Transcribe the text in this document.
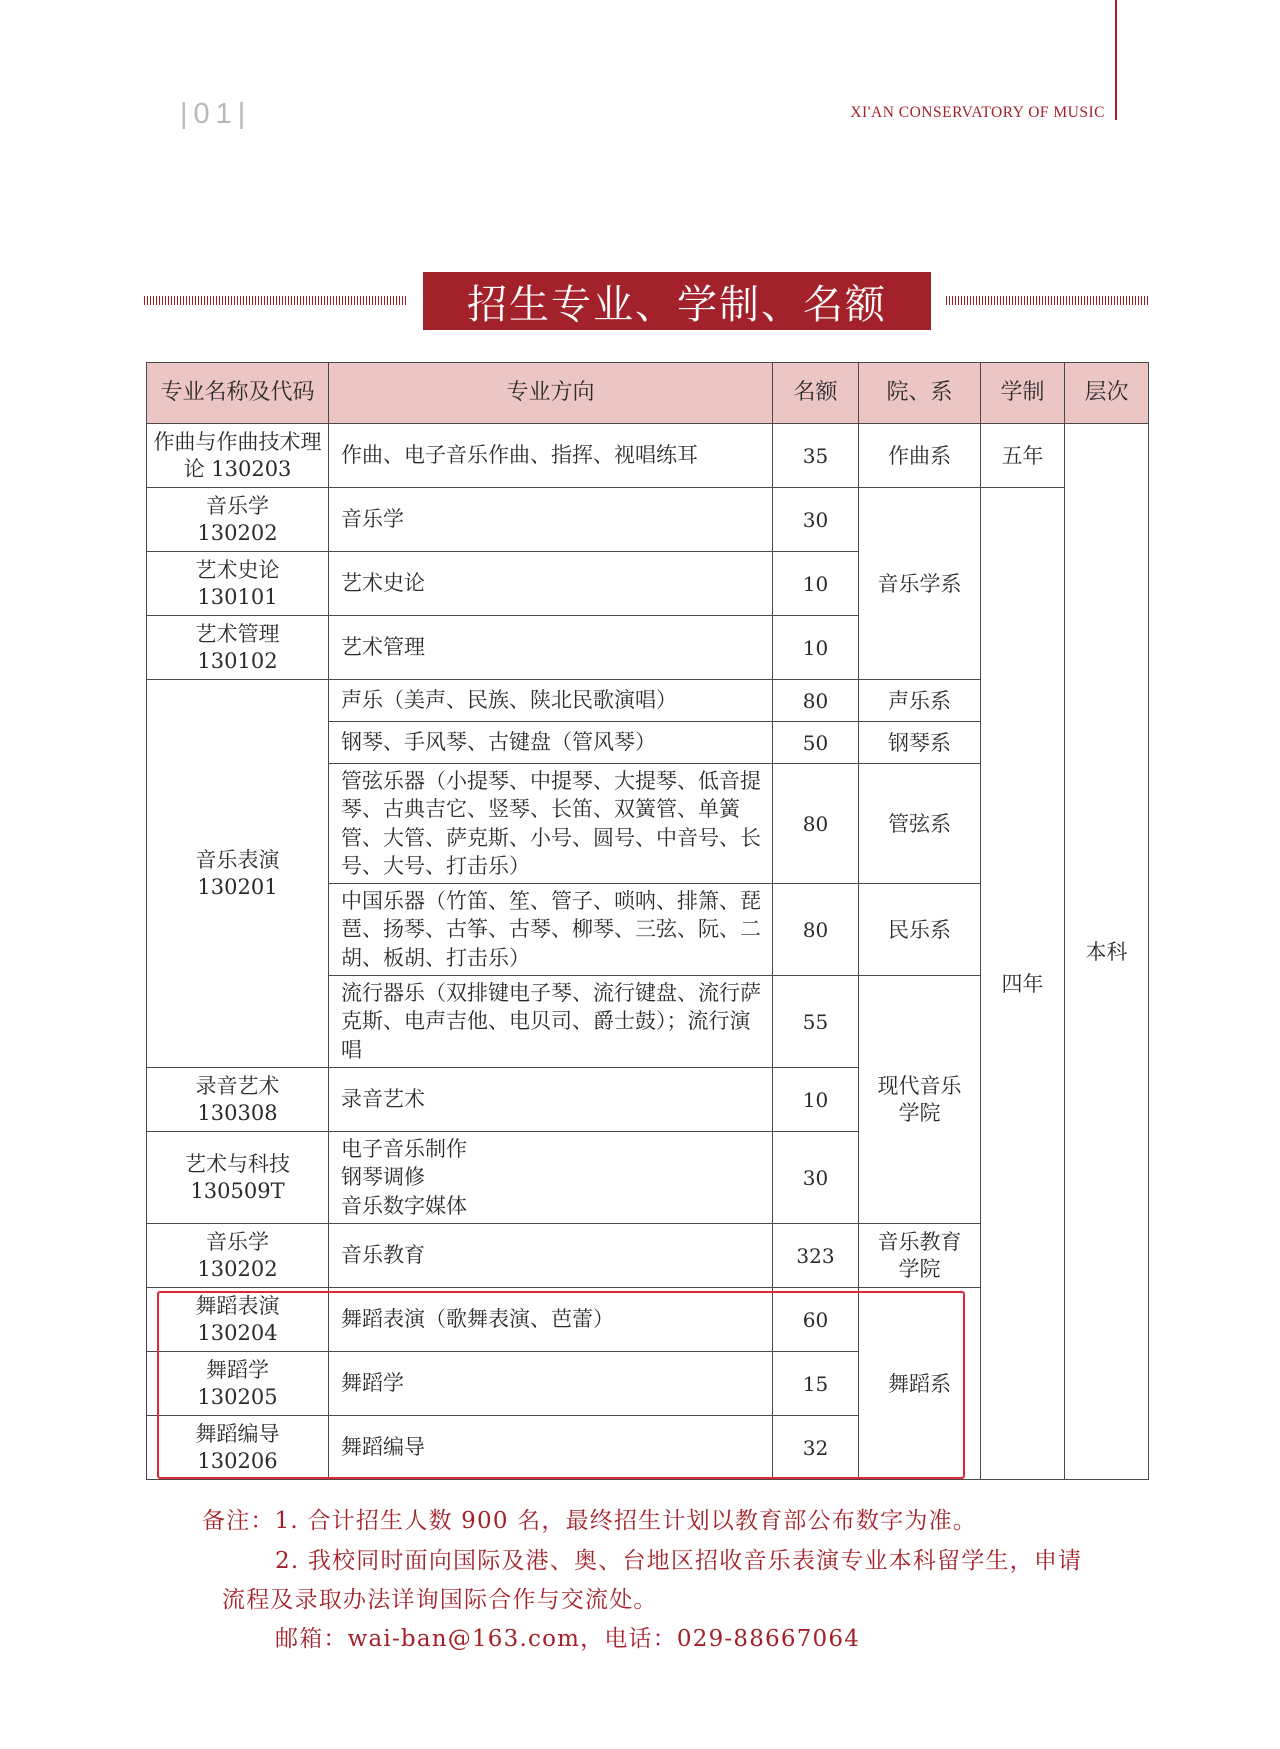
|01|	XI'AN CONSERVATORY OF MUSIC
招生专业、学制、名额
专业名称及代码	专业方向	名额	院、系	学制	层次
作曲与作曲技术理论 130203	作曲、电子音乐作曲、指挥、视唱练耳	35	作曲系	五年	本科
音乐学
130202	音乐学	30	音乐学系	四年	
艺术史论
130101	艺术史论	10			
艺术管理
130102	艺术管理	10			
音乐表演
130201	声乐（美声、民族、陕北民歌演唱）	80	声乐系		
	钢琴、手风琴、古键盘（管风琴）	50	钢琴系		
	管弦乐器（小提琴、中提琴、大提琴、低音提琴、古典吉它、竖琴、长笛、双簧管、单簧管、大管、萨克斯、小号、圆号、中音号、长号、大号、打击乐）	80	管弦系		
	中国乐器（竹笛、笙、管子、唢呐、排箫、琵琶、扬琴、古筝、古琴、柳琴、三弦、阮、二胡、板胡、打击乐）	80	民乐系		
	流行器乐（双排键电子琴、流行键盘、流行萨克斯、电声吉他、电贝司、爵士鼓）；流行演唱	55	现代音乐
学院		
录音艺术
130308	录音艺术	10			
艺术与科技
130509T	电子音乐制作
钢琴调修
音乐数字媒体	30			
音乐学
130202	音乐教育	323	音乐教育
学院		
舞蹈表演
130204	舞蹈表演（歌舞表演、芭蕾）	60	舞蹈系		
舞蹈学
130205	舞蹈学	15			
舞蹈编导
130206	舞蹈编导	32			
备注：1. 合计招生人数 900 名，最终招生计划以教育部公布数字为准。
2. 我校同时面向国际及港、奥、台地区招收音乐表演专业本科留学生，申请
流程及录取办法详询国际合作与交流处。
邮箱：wai-ban@163.com，电话：029-88667064
